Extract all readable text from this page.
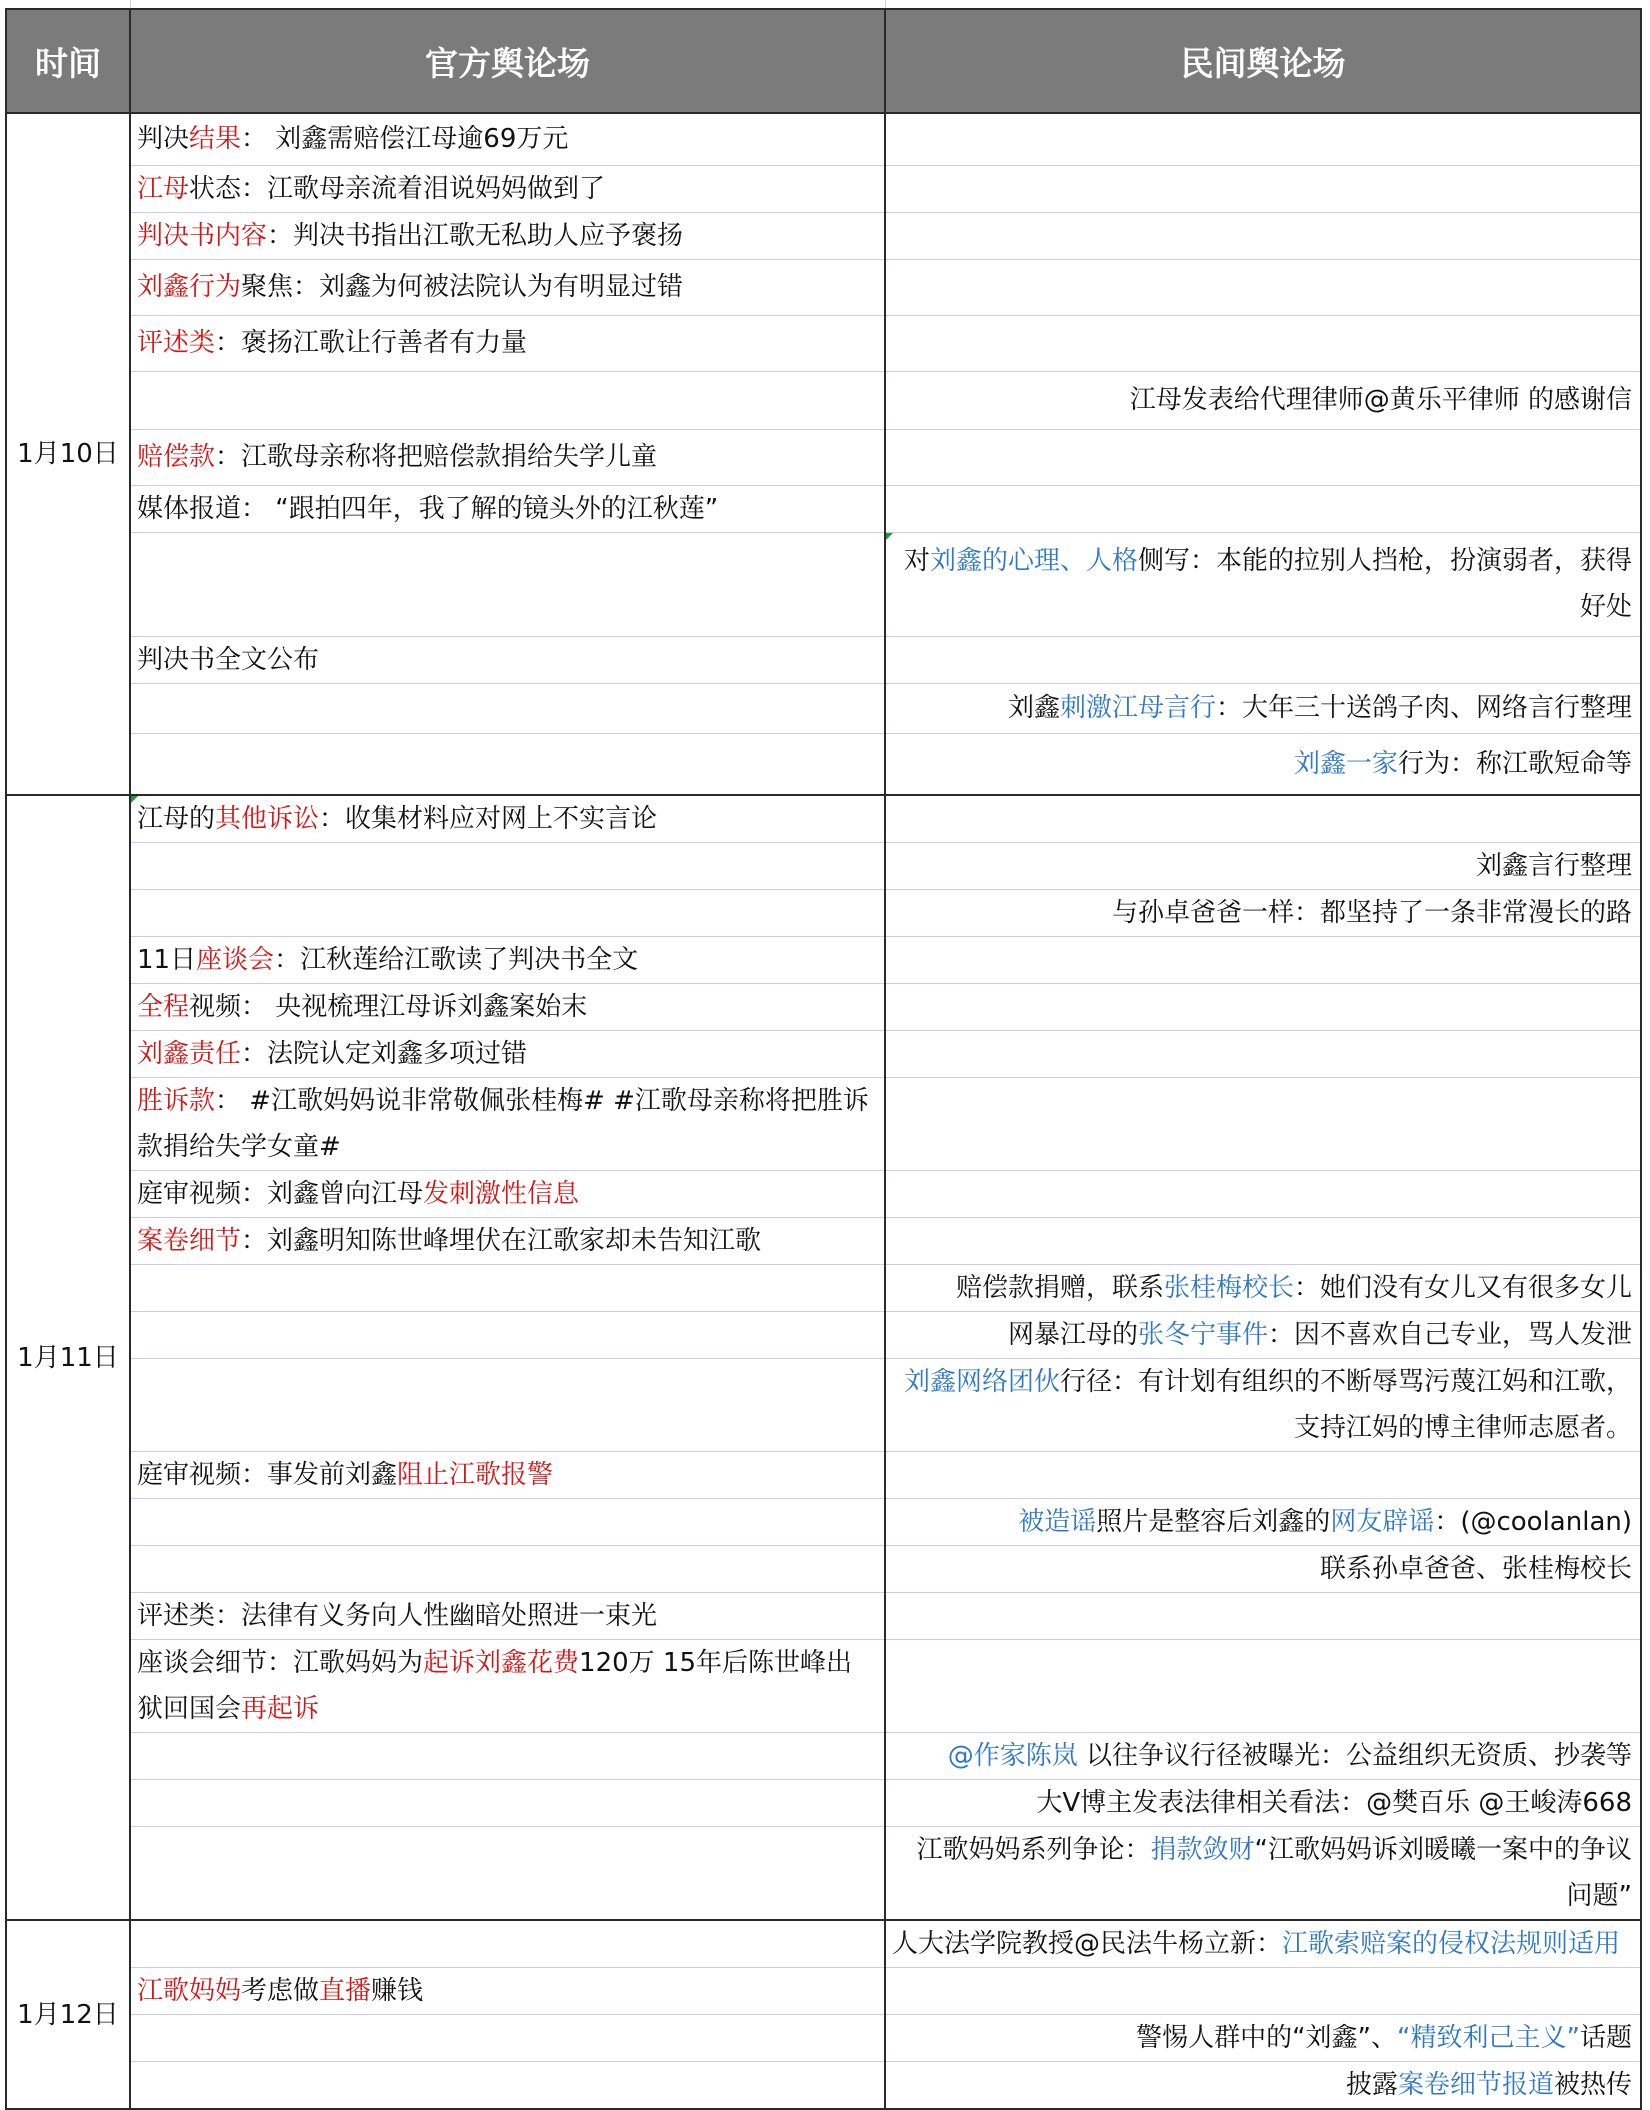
时间	官方舆论场	民间舆论场
1月10日	判决结果： 刘鑫需赔偿江母逾69万元	
	江母状态：江歌母亲流着泪说妈妈做到了	
	判决书内容：判决书指出江歌无私助人应予褒扬	
	刘鑫行为聚焦：刘鑫为何被法院认为有明显过错	
	评述类：褒扬江歌让行善者有力量	
		江母发表给代理律师@黄乐平律师 的感谢信
	赔偿款：江歌母亲称将把赔偿款捐给失学儿童	
	媒体报道： “跟拍四年，我了解的镜头外的江秋莲”	
		对刘鑫的心理、人格侧写：本能的拉别人挡枪，扮演弱者，获得好处
	判决书全文公布	
		刘鑫刺激江母言行：大年三十送鸽子肉、网络言行整理
		刘鑫一家行为：称江歌短命等
1月11日	江母的其他诉讼：收集材料应对网上不实言论	
		刘鑫言行整理
		与孙卓爸爸一样：都坚持了一条非常漫长的路
	11日座谈会：江秋莲给江歌读了判决书全文	
	全程视频： 央视梳理江母诉刘鑫案始末	
	刘鑫责任：法院认定刘鑫多项过错	
	胜诉款： #江歌妈妈说非常敬佩张桂梅# #江歌母亲称将把胜诉款捐给失学女童#	
	庭审视频：刘鑫曾向江母发刺激性信息	
	案卷细节：刘鑫明知陈世峰埋伏在江歌家却未告知江歌	
		赔偿款捐赠，联系张桂梅校长：她们没有女儿又有很多女儿
		网暴江母的张冬宁事件：因不喜欢自己专业，骂人发泄
		刘鑫网络团伙行径：有计划有组织的不断辱骂污蔑江妈和江歌，支持江妈的博主律师志愿者。
	庭审视频：事发前刘鑫阻止江歌报警	
		被造谣照片是整容后刘鑫的网友辟谣：(@coolanlan)
		联系孙卓爸爸、张桂梅校长
	评述类：法律有义务向人性幽暗处照进一束光	
	座谈会细节：江歌妈妈为起诉刘鑫花费120万 15年后陈世峰出狱回国会再起诉	
		@作家陈岚 以往争议行径被曝光：公益组织无资质、抄袭等
		大V博主发表法律相关看法：@樊百乐 @王峻涛668
		江歌妈妈系列争论：捐款敛财“江歌妈妈诉刘暖曦一案中的争议问题”
1月12日		人大法学院教授@民法牛杨立新：江歌索赔案的侵权法规则适用
	江歌妈妈考虑做直播赚钱	
		警惕人群中的“刘鑫”、“精致利己主义”话题
		披露案卷细节报道被热传
